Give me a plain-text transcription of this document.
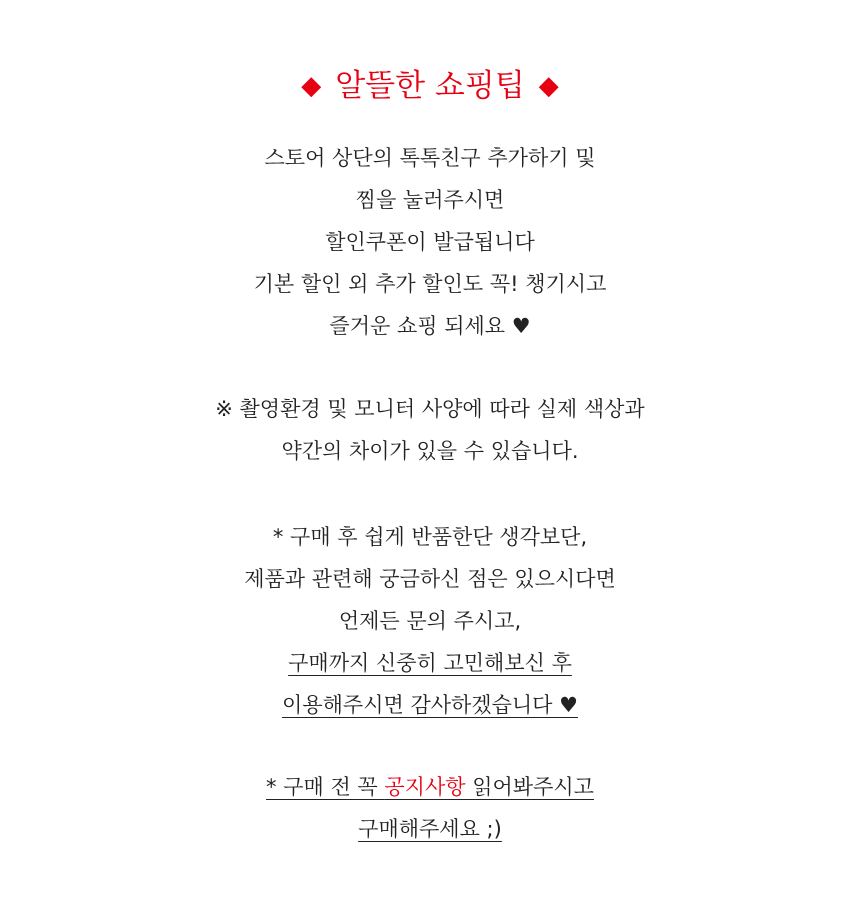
◆ 알뜰한 쇼핑팁 ◆
스토어 상단의 톡톡친구 추가하기 및
찜을 눌러주시면
할인쿠폰이 발급됩니다
기본 할인 외 추가 할인도 꼭! 챙기시고
즐거운 쇼핑 되세요 ♥
※ 촬영환경 및 모니터 사양에 따라 실제 색상과
약간의 차이가 있을 수 있습니다.
* 구매 후 쉽게 반품한단 생각보단,
제품과 관련해 궁금하신 점은 있으시다면
언제든 문의 주시고,
구매까지 신중히 고민해보신 후
이용해주시면 감사하겠습니다 ♥
* 구매 전 꼭 공지사항 읽어봐주시고
구매해주세요 ;)
